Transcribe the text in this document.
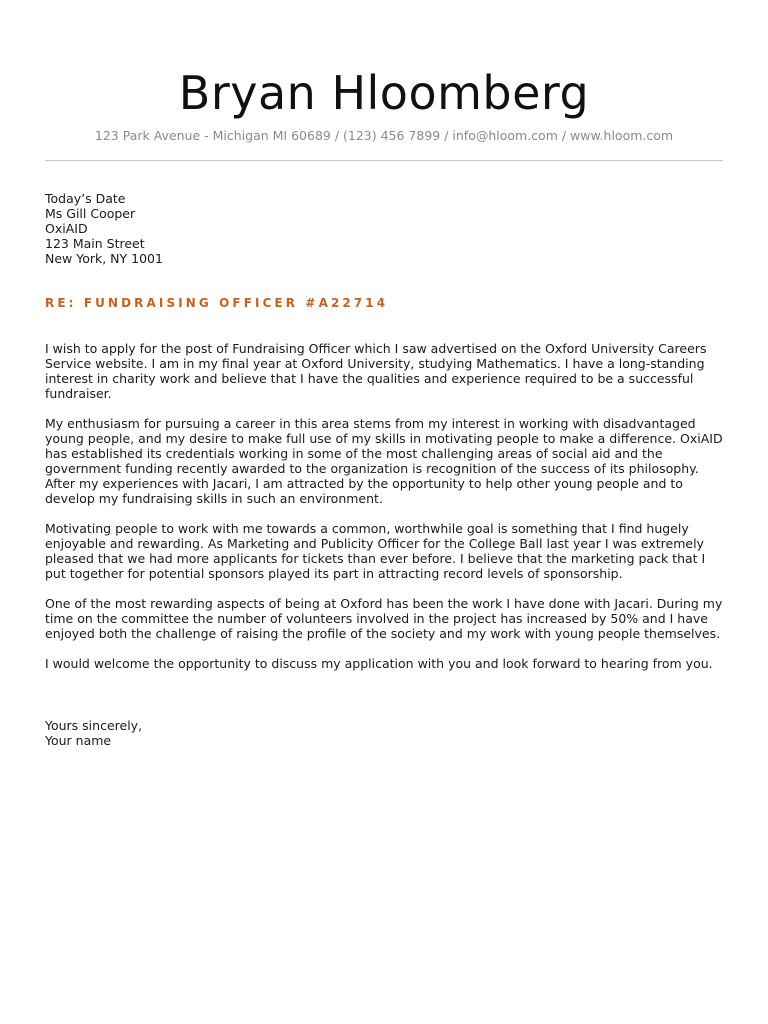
Bryan Hloomberg
123 Park Avenue - Michigan MI 60689 / (123) 456 7899 / info@hloom.com / www.hloom.com
Today’s Date
Ms Gill Cooper
OxiAID
123 Main Street
New York, NY 1001
RE: FUNDRAISING OFFICER #A22714

I wish to apply for the post of Fundraising Officer which I saw advertised on the Oxford University Careers Service website. I am in my final year at Oxford University, studying Mathematics. I have a long-standing interest in charity work and believe that I have the qualities and experience required to be a successful fundraiser.

My enthusiasm for pursuing a career in this area stems from my interest in working with disadvantaged young people, and my desire to make full use of my skills in motivating people to make a difference. OxiAID has established its credentials working in some of the most challenging areas of social aid and the government funding recently awarded to the organization is recognition of the success of its philosophy. After my experiences with Jacari, I am attracted by the opportunity to help other young people and to develop my fundraising skills in such an environment.

Motivating people to work with me towards a common, worthwhile goal is something that I find hugely enjoyable and rewarding. As Marketing and Publicity Officer for the College Ball last year I was extremely pleased that we had more applicants for tickets than ever before. I believe that the marketing pack that I put together for potential sponsors played its part in attracting record levels of sponsorship.

One of the most rewarding aspects of being at Oxford has been the work I have done with Jacari. During my time on the committee the number of volunteers involved in the project has increased by 50% and I have enjoyed both the challenge of raising the profile of the society and my work with young people themselves.

I would welcome the opportunity to discuss my application with you and look forward to hearing from you.

Yours sincerely,
Your name
